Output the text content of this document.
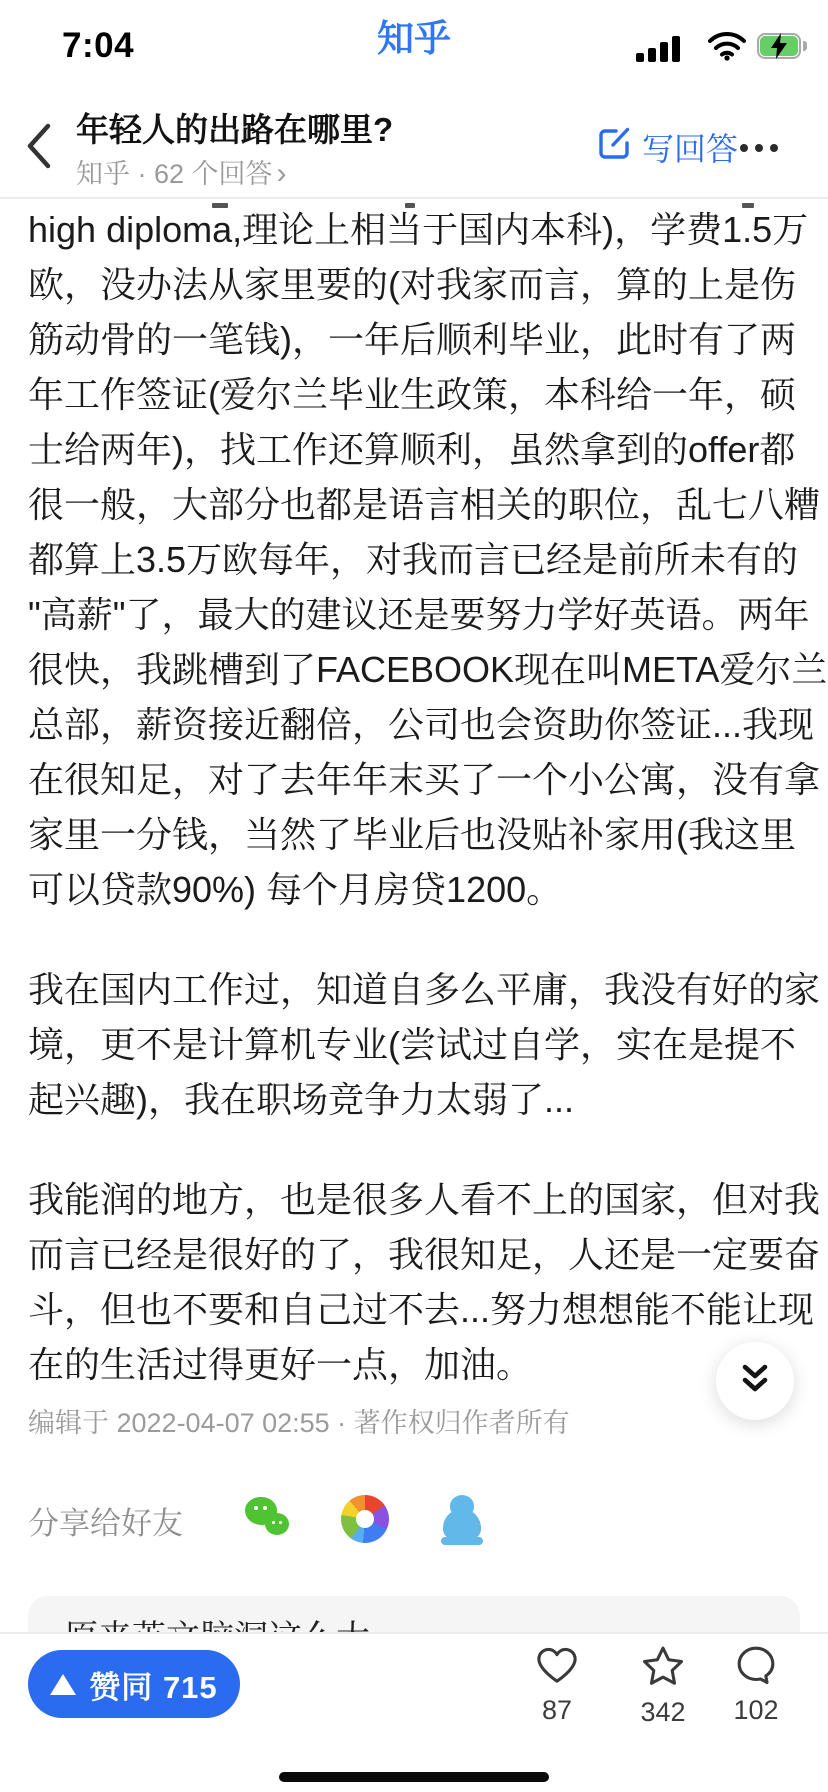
7:04	知乎
年轻人的出路在哪里?
知乎 · 62 个回答 ›
写回答
high diploma,理论上相当于国内本科)，学费1.5万
欧，没办法从家里要的(对我家而言，算的上是伤
筋动骨的一笔钱)，一年后顺利毕业，此时有了两
年工作签证(爱尔兰毕业生政策，本科给一年，硕
士给两年)，找工作还算顺利，虽然拿到的offer都
很一般，大部分也都是语言相关的职位，乱七八糟
都算上3.5万欧每年，对我而言已经是前所未有的
"高薪"了，最大的建议还是要努力学好英语。两年
很快，我跳槽到了FACEBOOK现在叫META爱尔兰
总部，薪资接近翻倍，公司也会资助你签证...我现
在很知足，对了去年年末买了一个小公寓，没有拿
家里一分钱，当然了毕业后也没贴补家用(我这里
可以贷款90%) 每个月房贷1200。
我在国内工作过，知道自多么平庸，我没有好的家
境，更不是计算机专业(尝试过自学，实在是提不
起兴趣)，我在职场竞争力太弱了...
我能润的地方，也是很多人看不上的国家，但对我
而言已经是很好的了，我很知足，人还是一定要奋
斗，但也不要和自己过不去...努力想想能不能让现
在的生活过得更好一点，加油。
编辑于 2022-04-07 02:55 · 著作权归作者所有
分享给好友
赞同 715
87	342	102
